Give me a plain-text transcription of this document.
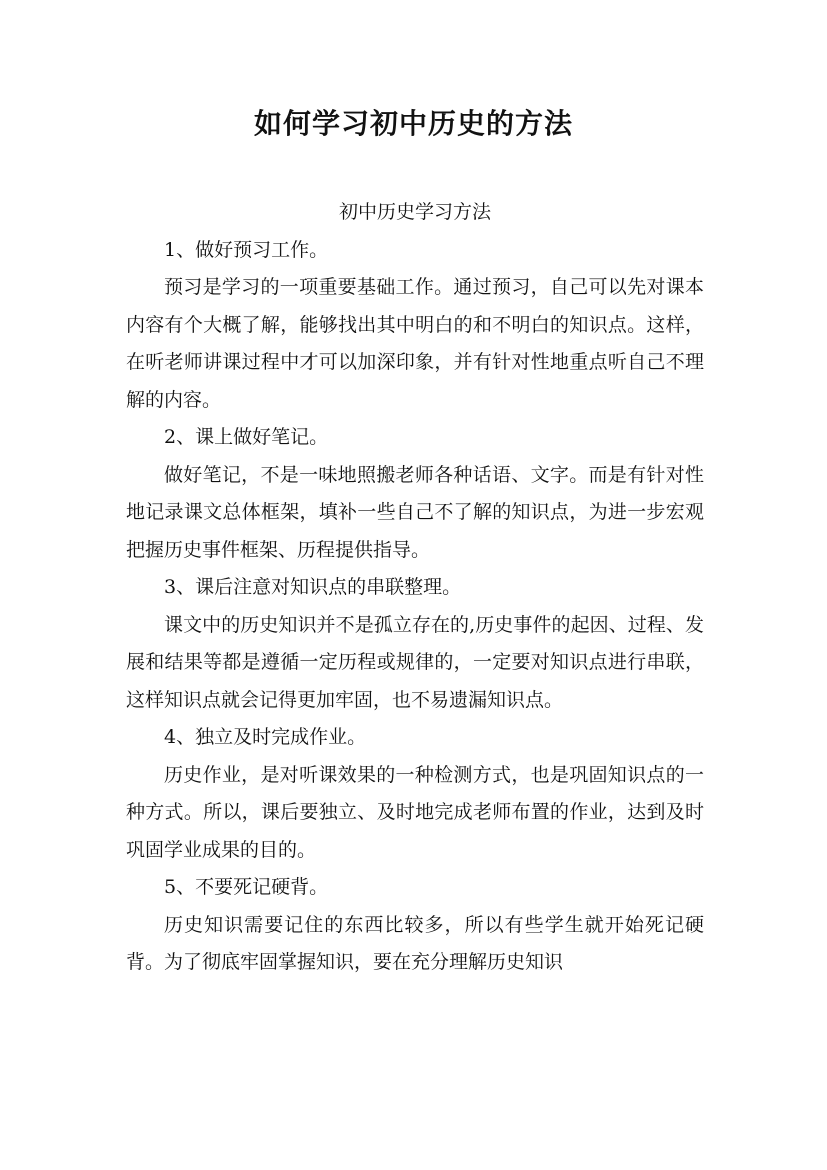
如何学习初中历史的方法

初中历史学习方法

1、做好预习工作。

预习是学习的一项重要基础工作。通过预习，自己可以先对课本内容有个大概了解，能够找出其中明白的和不明白的知识点。这样，在听老师讲课过程中才可以加深印象，并有针对性地重点听自己不理解的内容。

2、课上做好笔记。

做好笔记，不是一味地照搬老师各种话语、文字。而是有针对性地记录课文总体框架，填补一些自己不了解的知识点，为进一步宏观把握历史事件框架、历程提供指导。

3、课后注意对知识点的串联整理。

课文中的历史知识并不是孤立存在的,历史事件的起因、过程、发展和结果等都是遵循一定历程或规律的，一定要对知识点进行串联，这样知识点就会记得更加牢固，也不易遗漏知识点。

4、独立及时完成作业。

历史作业，是对听课效果的一种检测方式，也是巩固知识点的一种方式。所以，课后要独立、及时地完成老师布置的作业，达到及时巩固学业成果的目的。

5、不要死记硬背。

历史知识需要记住的东西比较多，所以有些学生就开始死记硬背。为了彻底牢固掌握知识，要在充分理解历史知识
